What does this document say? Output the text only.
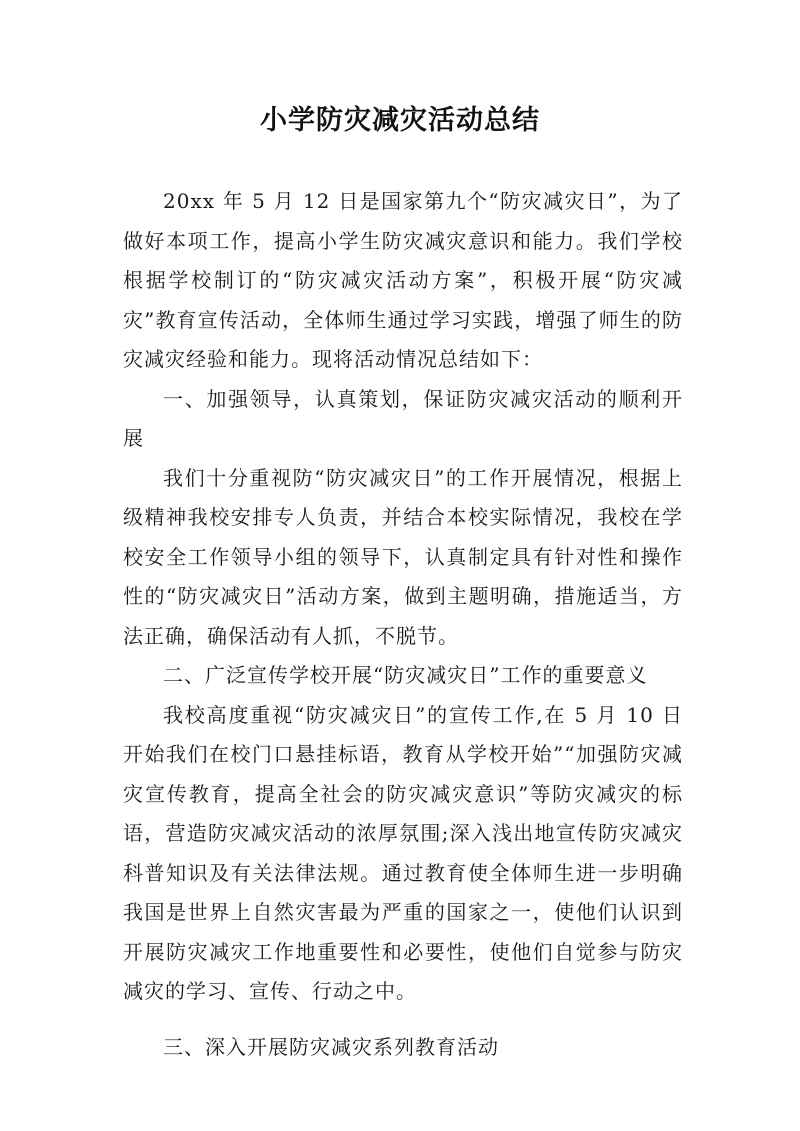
小学防灾减灾活动总结

20xx 年 5 月 12 日是国家第九个“防灾减灾日”，为了做好本项工作，提高小学生防灾减灾意识和能力。我们学校根据学校制订的“防灾减灾活动方案”，积极开展“防灾减灾”教育宣传活动，全体师生通过学习实践，增强了师生的防灾减灾经验和能力。现将活动情况总结如下：

一、加强领导，认真策划，保证防灾减灾活动的顺利开展

我们十分重视防“防灾减灾日”的工作开展情况，根据上级精神我校安排专人负责，并结合本校实际情况，我校在学校安全工作领导小组的领导下，认真制定具有针对性和操作性的“防灾减灾日”活动方案，做到主题明确，措施适当，方法正确，确保活动有人抓，不脱节。

二、广泛宣传学校开展“防灾减灾日”工作的重要意义

我校高度重视“防灾减灾日”的宣传工作,在 5 月 10 日开始我们在校门口悬挂标语，教育从学校开始”“加强防灾减灾宣传教育，提高全社会的防灾减灾意识”等防灾减灾的标语，营造防灾减灾活动的浓厚氛围;深入浅出地宣传防灾减灾科普知识及有关法律法规。通过教育使全体师生进一步明确我国是世界上自然灾害最为严重的国家之一，使他们认识到开展防灾减灾工作地重要性和必要性，使他们自觉参与防灾减灾的学习、宣传、行动之中。

三、深入开展防灾减灾系列教育活动
